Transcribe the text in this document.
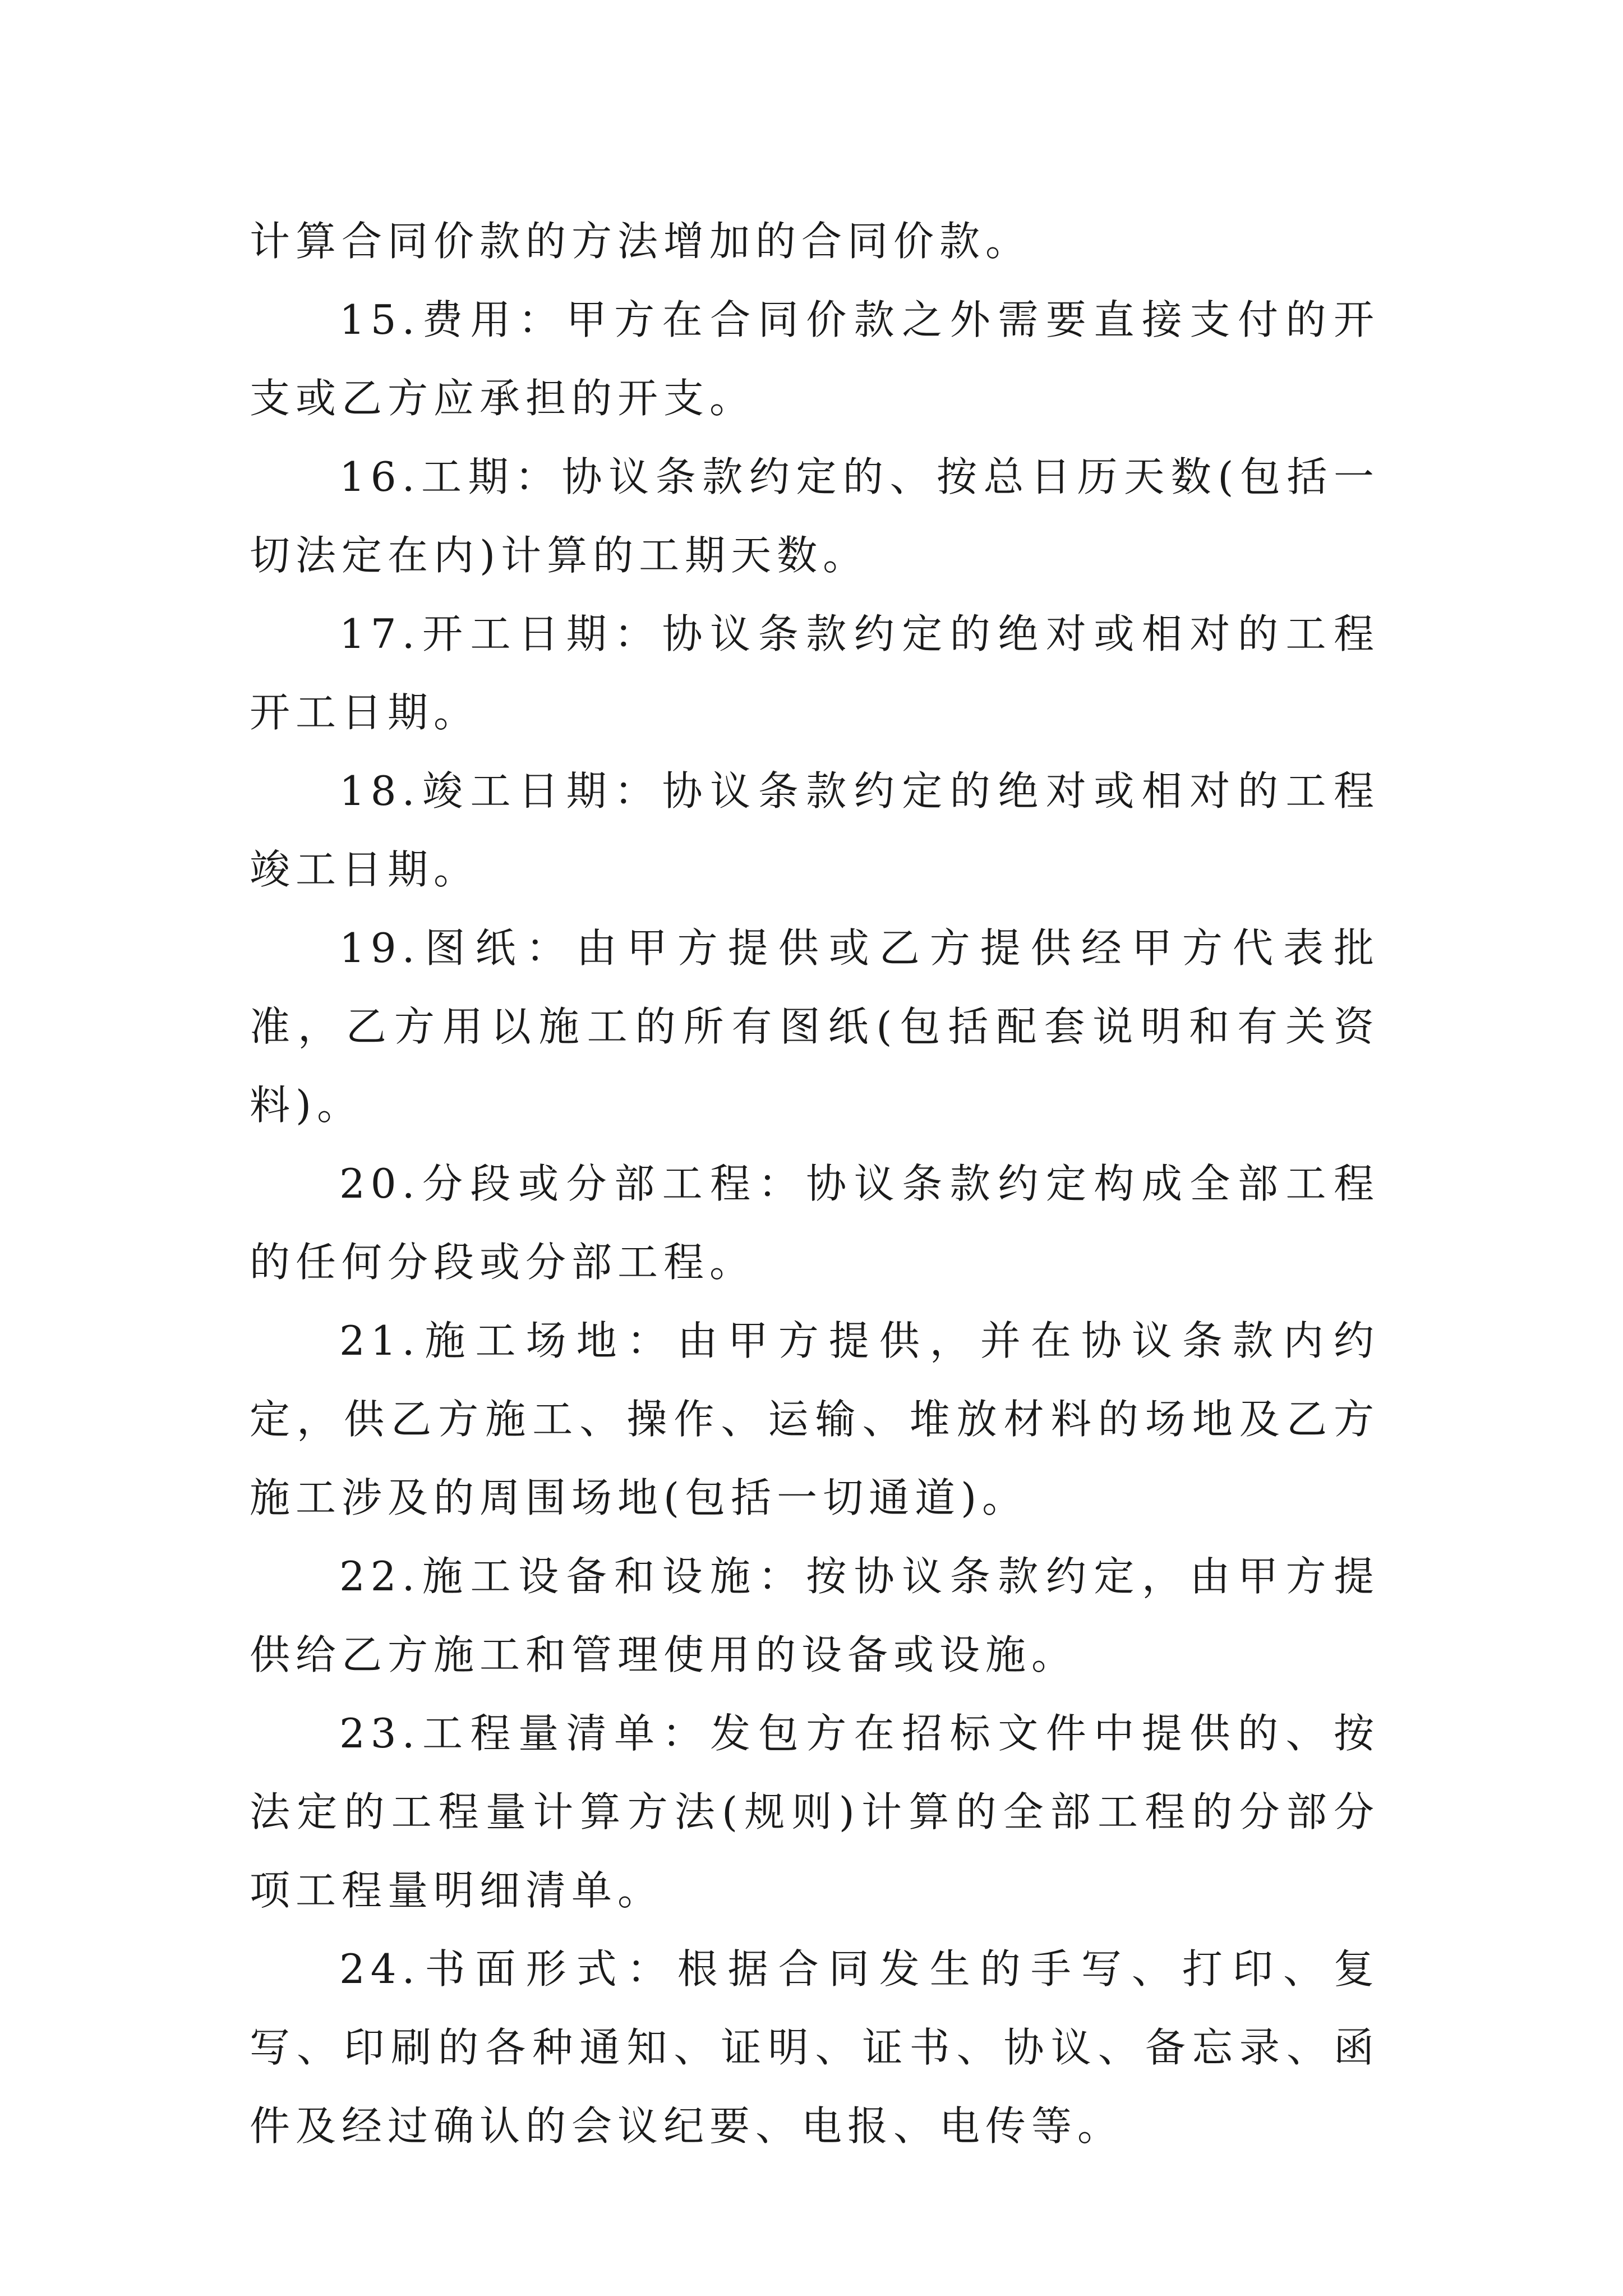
计算合同价款的方法增加的合同价款。

15.费用：甲方在合同价款之外需要直接支付的开支或乙方应承担的开支。

16.工期：协议条款约定的、按总日历天数(包括一切法定在内)计算的工期天数。

17.开工日期：协议条款约定的绝对或相对的工程开工日期。

18.竣工日期：协议条款约定的绝对或相对的工程竣工日期。

19.图纸：由甲方提供或乙方提供经甲方代表批准，乙方用以施工的所有图纸(包括配套说明和有关资料)。

20.分段或分部工程：协议条款约定构成全部工程的任何分段或分部工程。

21.施工场地：由甲方提供，并在协议条款内约定，供乙方施工、操作、运输、堆放材料的场地及乙方施工涉及的周围场地(包括一切通道)。

22.施工设备和设施：按协议条款约定，由甲方提供给乙方施工和管理使用的设备或设施。

23.工程量清单：发包方在招标文件中提供的、按法定的工程量计算方法(规则)计算的全部工程的分部分项工程量明细清单。

24.书面形式：根据合同发生的手写、打印、复写、印刷的各种通知、证明、证书、协议、备忘录、函件及经过确认的会议纪要、电报、电传等。
